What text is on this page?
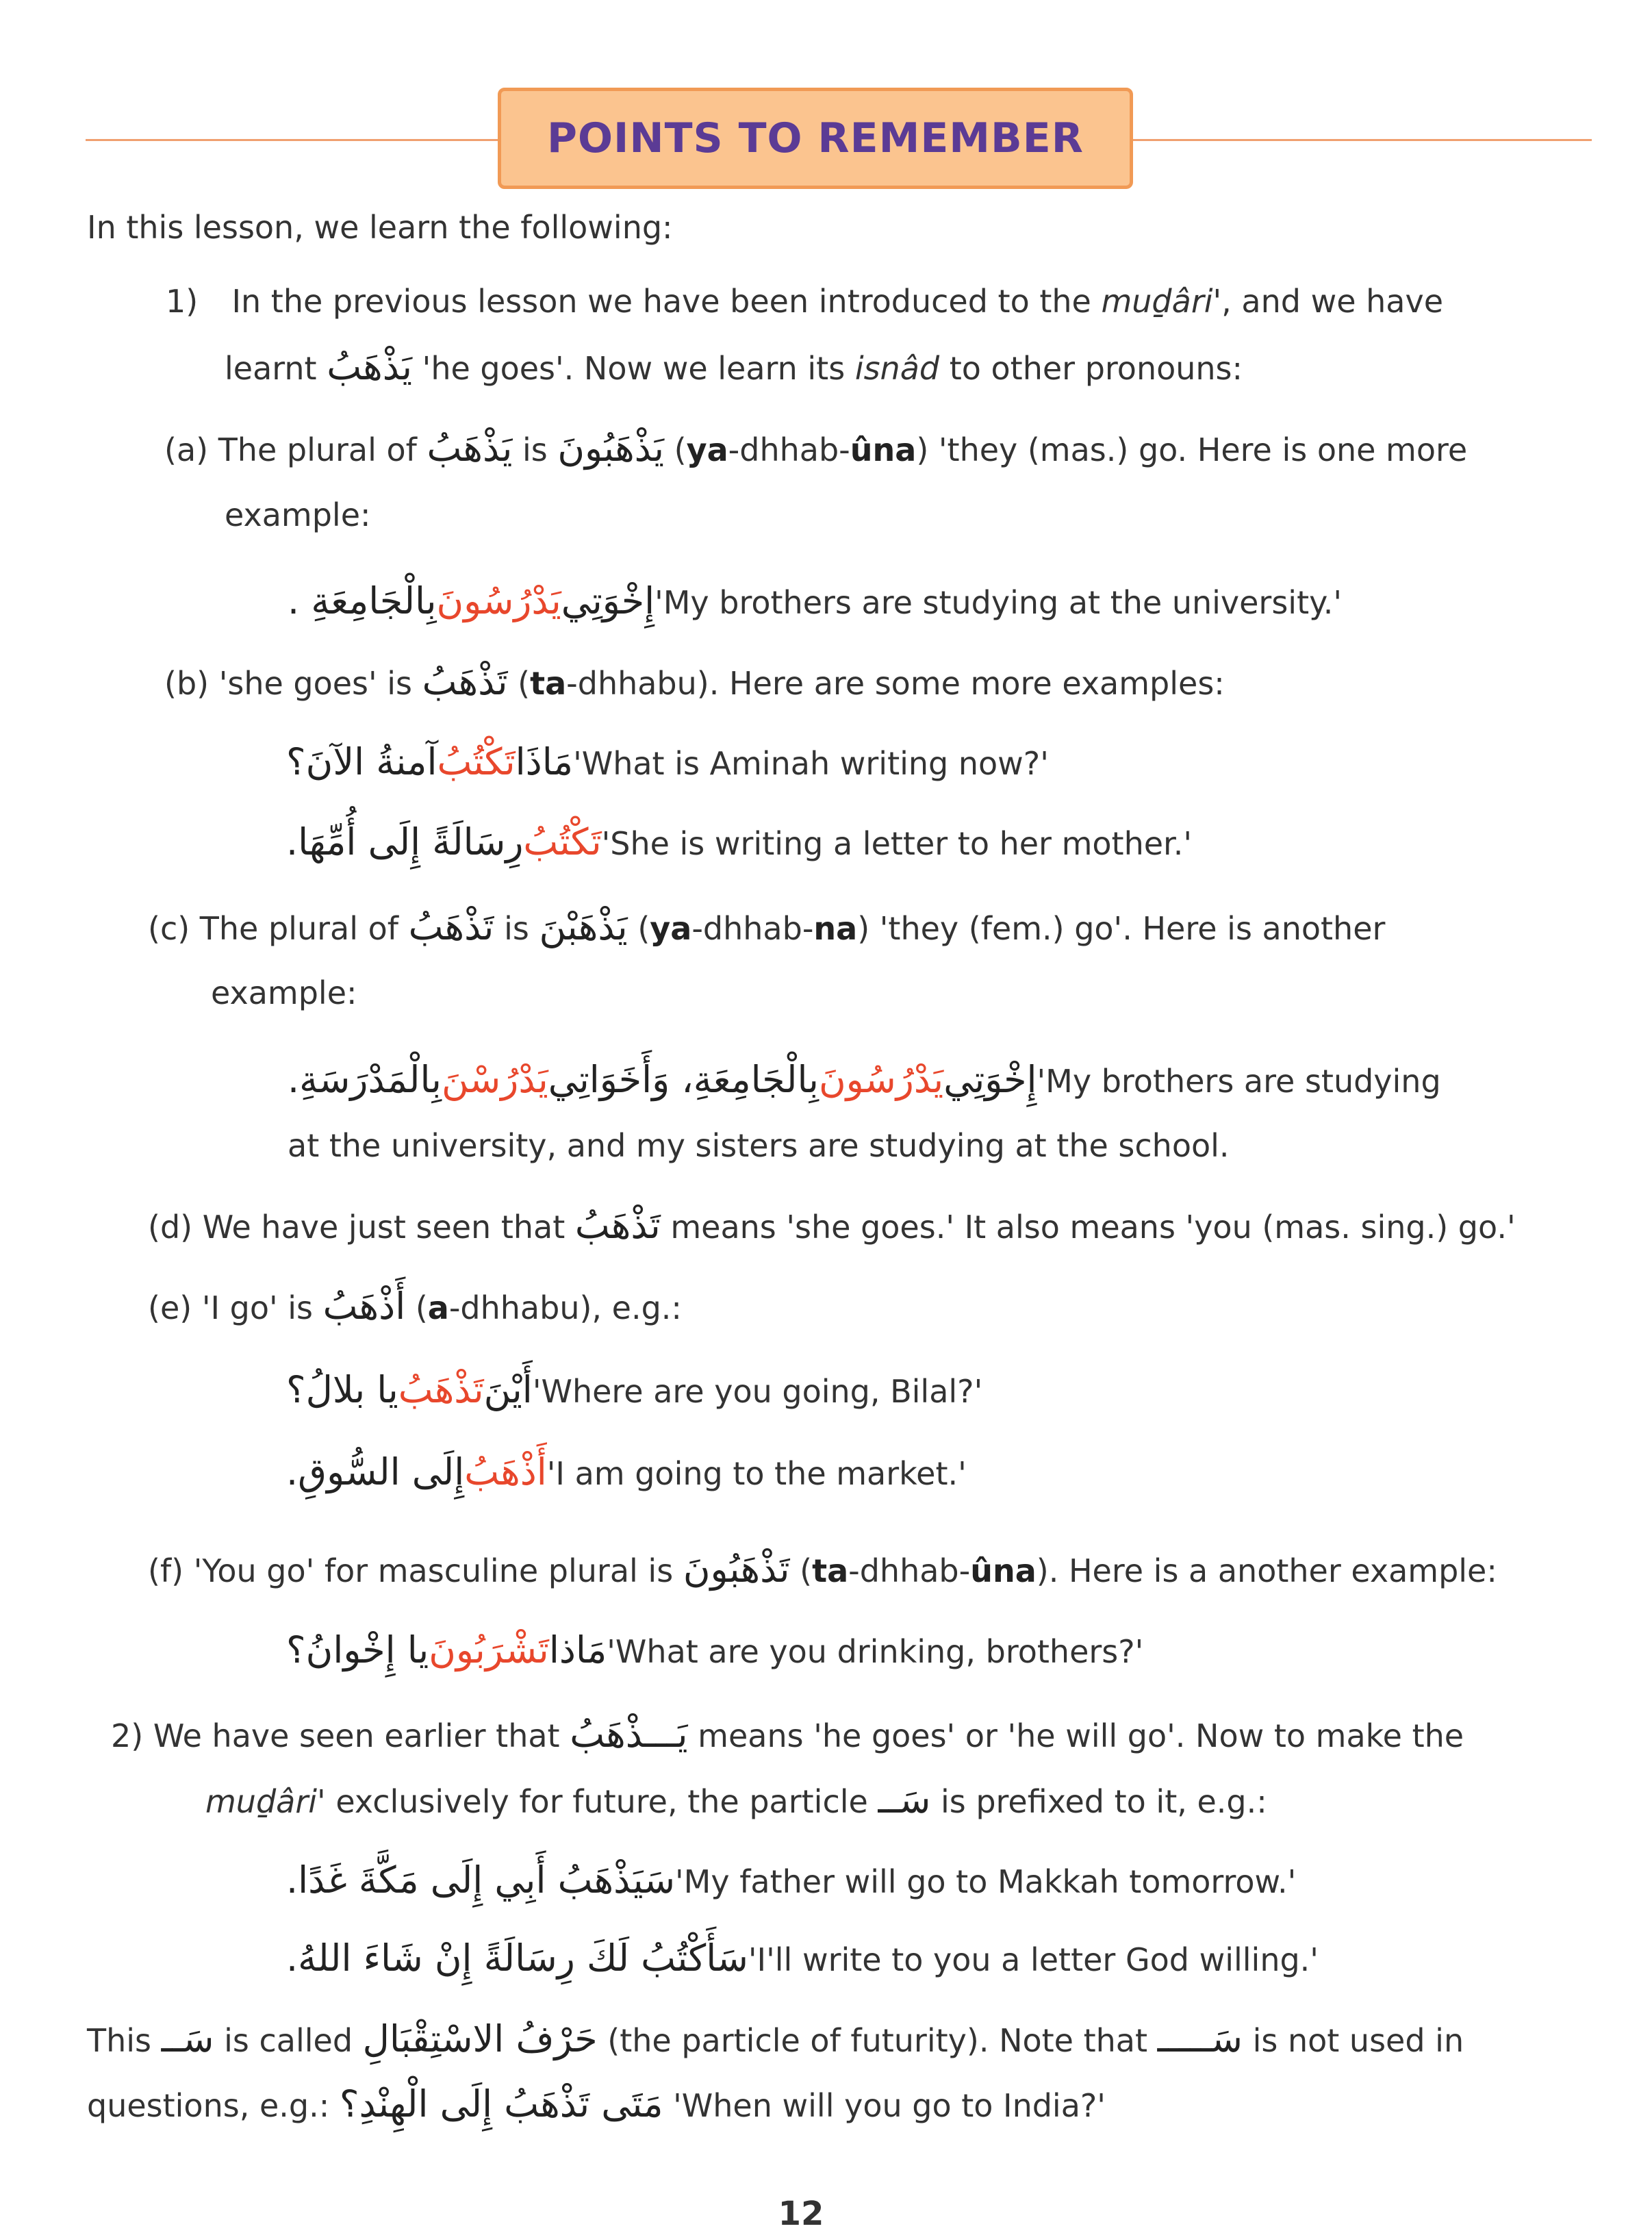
POINTS TO REMEMBER
In this lesson, we learn the following:
1) In the previous lesson we have been introduced to the muḏâri', and we have
learnt يَذْهَبُ 'he goes'. Now we learn its isnâd to other pronouns:
(a) The plural of يَذْهَبُ is يَذْهَبُونَ (ya-dhhab-ûna) 'they (mas.) go. Here is one more
example:
إِخْوَتِييَدْرُسُونَبِالْجَامِعَةِ .	'My brothers are studying at the university.'
(b) 'she goes' is تَذْهَبُ (ta-dhhabu). Here are some more examples:
مَاذَاتَكْتُبُآمنةُ الآنَ؟	'What is Aminah writing now?'
تَكْتُبُرِسَالَةً إِلَى أُمِّهَا. 'She is writing a letter to her mother.'
(c) The plural of تَذْهَبُ is يَذْهَبْنَ (ya-dhhab-na) 'they (fem.) go'. Here is another
example:
إِخْوَتِييَدْرُسُونَبِالْجَامِعَةِ، وَأَخَوَاتِييَدْرُسْنَبِالْمَدْرَسَةِ.	'My brothers are studying
at the university, and my sisters are studying at the school.
(d) We have just seen that تَذْهَبُ means 'she goes.' It also means 'you (mas. sing.) go.'
(e) 'I go' is أَذْهَبُ (a-dhhabu), e.g.:
أَيْنَتَذْهَبُيا بلالُ؟	'Where are you going, Bilal?'
أَذْهَبُإِلَى السُّوقِ.	'I am going to the market.'
(f) 'You go' for masculine plural is تَذْهَبُونَ (ta-dhhab-ûna). Here is a another example:
مَاذاتَشْرَبُونَيا إِخْوانُ؟	'What are you drinking, brothers?'
2) We have seen earlier that يَـــذْهَبُ means 'he goes' or 'he will go'. Now to make the
muḏâri' exclusively for future, the particle سَــ is prefixed to it, e.g.:
سَيَذْهَبُ أَبِي إِلَى مَكَّةَ غَدًا.'My father will go to Makkah tomorrow.'
سَأَكْتُبُ لَكَ رِسَالَةً إِنْ شَاءَ اللهُ.'I'll write to you a letter God willing.'
This سَــ is called حَرْفُ الاسْتِقْبَالِ (the particle of futurity). Note that سَـــــ is not used in
questions, e.g.: مَتَى تَذْهَبُ إِلَى الْهِنْدِ؟ 'When will you go to India?'
12
